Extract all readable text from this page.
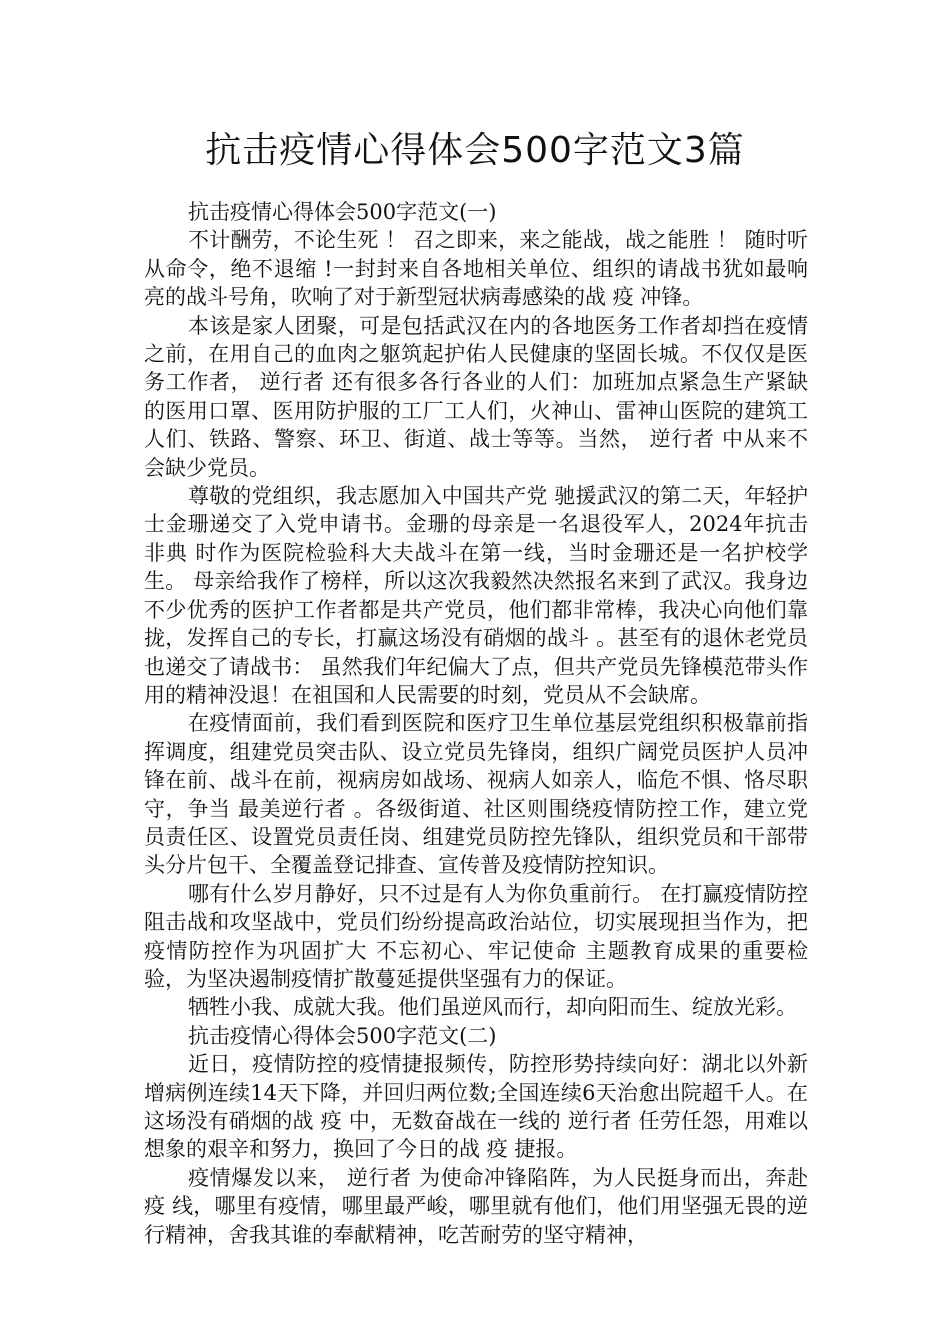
抗击疫情心得体会500字范文3篇

抗击疫情心得体会500字范文(一)

不计酬劳，不论生死 ！ 召之即来，来之能战，战之能胜 ！ 随时听从命令，绝不退缩 !一封封来自各地相关单位、组织的请战书犹如最响亮的战斗号角，吹响了对于新型冠状病毒感染的战 疫 冲锋。

本该是家人团聚，可是包括武汉在内的各地医务工作者却挡在疫情之前，在用自己的血肉之躯筑起护佑人民健康的坚固长城。不仅仅是医务工作者， 逆行者 还有很多各行各业的人们：加班加点紧急生产紧缺的医用口罩、医用防护服的工厂工人们，火神山、雷神山医院的建筑工人们、铁路、警察、环卫、街道、战士等等。当然， 逆行者 中从来不会缺少党员。

尊敬的党组织，我志愿加入中国共产党 驰援武汉的第二天，年轻护士金珊递交了入党申请书。金珊的母亲是一名退役军人，2024年抗击 非典 时作为医院检验科大夫战斗在第一线，当时金珊还是一名护校学生。 母亲给我作了榜样，所以这次我毅然决然报名来到了武汉。我身边不少优秀的医护工作者都是共产党员，他们都非常棒，我决心向他们靠拢，发挥自己的专长，打赢这场没有硝烟的战斗 。甚至有的退休老党员也递交了请战书： 虽然我们年纪偏大了点，但共产党员先锋模范带头作用的精神没退！在祖国和人民需要的时刻，党员从不会缺席。

在疫情面前，我们看到医院和医疗卫生单位基层党组织积极靠前指挥调度，组建党员突击队、设立党员先锋岗，组织广阔党员医护人员冲锋在前、战斗在前，视病房如战场、视病人如亲人，临危不惧、恪尽职守，争当 最美逆行者 。各级街道、社区则围绕疫情防控工作，建立党员责任区、设置党员责任岗、组建党员防控先锋队，组织党员和干部带头分片包干、全覆盖登记排查、宣传普及疫情防控知识。

哪有什么岁月静好，只不过是有人为你负重前行。 在打赢疫情防控阻击战和攻坚战中，党员们纷纷提高政治站位，切实展现担当作为，把疫情防控作为巩固扩大 不忘初心、牢记使命 主题教育成果的重要检验，为坚决遏制疫情扩散蔓延提供坚强有力的保证。

牺牲小我、成就大我。他们虽逆风而行，却向阳而生、绽放光彩。

抗击疫情心得体会500字范文(二)

近日，疫情防控的疫情捷报频传，防控形势持续向好：湖北以外新增病例连续14天下降，并回归两位数;全国连续6天治愈出院超千人。在这场没有硝烟的战 疫 中，无数奋战在一线的 逆行者 任劳任怨，用难以想象的艰辛和努力，换回了今日的战 疫 捷报。

疫情爆发以来， 逆行者 为使命冲锋陷阵，为人民挺身而出，奔赴 疫 线，哪里有疫情，哪里最严峻，哪里就有他们，他们用坚强无畏的逆行精神，舍我其谁的奉献精神，吃苦耐劳的坚守精神，
